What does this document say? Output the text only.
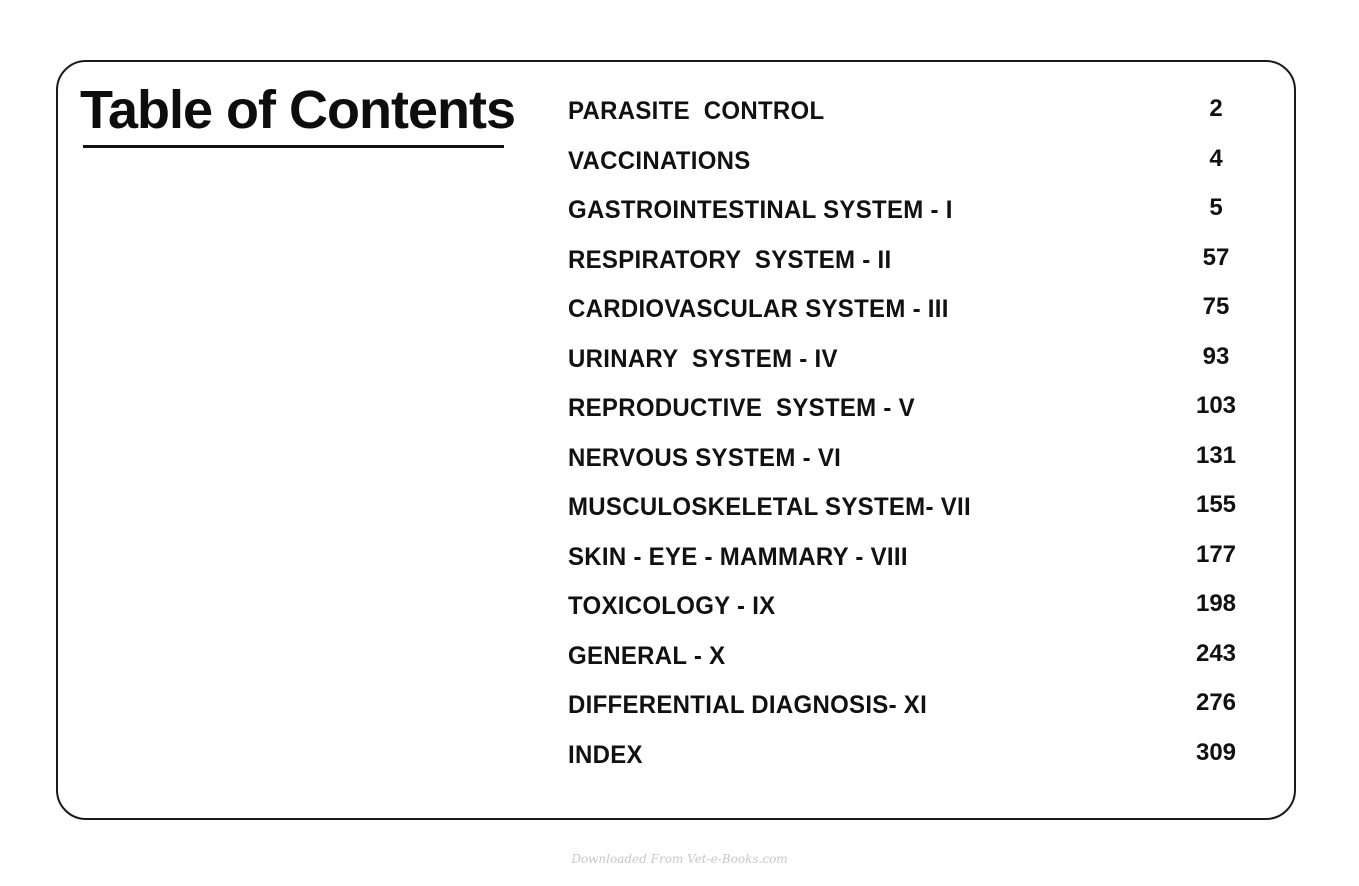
Table of Contents PARASITE  CONTROL	2
VACCINATIONS	4
GASTROINTESTINAL SYSTEM - I	5
RESPIRATORY  SYSTEM - II	57
CARDIOVASCULAR SYSTEM - III	75
URINARY  SYSTEM - IV	93
REPRODUCTIVE  SYSTEM - V	103
NERVOUS SYSTEM - VI	131
MUSCULOSKELETAL SYSTEM- VII	155
SKIN - EYE - MAMMARY - VIII	177
TOXICOLOGY - IX	198
GENERAL - X	243
DIFFERENTIAL DIAGNOSIS- XI	276
INDEX	309
Downloaded From Vet-e-Books.com
